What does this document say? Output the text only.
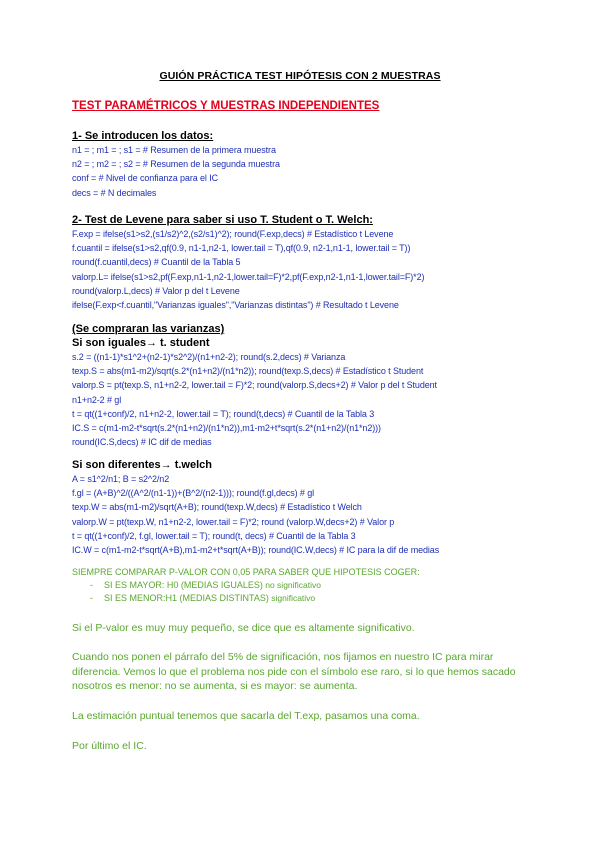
GUIÓN PRÁCTICA TEST HIPÓTESIS CON 2 MUESTRAS
TEST PARAMÉTRICOS Y MUESTRAS INDEPENDIENTES
1- Se introducen los datos:
n1 = ; m1 = ; s1 = # Resumen de la primera muestra
n2 = ; m2 = ; s2 = # Resumen de la segunda muestra
conf = # Nivel de confianza para el IC
decs = # N decimales
2- Test de Levene para saber si uso T. Student o T. Welch:
F.exp = ifelse(s1>s2,(s1/s2)^2,(s2/s1)^2); round(F.exp,decs) # Estadístico t Levene
f.cuantil = ifelse(s1>s2,qf(0.9, n1-1,n2-1, lower.tail = T),qf(0.9, n2-1,n1-1, lower.tail = T))
round(f.cuantil,decs) # Cuantil de la Tabla 5
valorp.L= ifelse(s1>s2,pf(F.exp,n1-1,n2-1,lower.tail=F)*2,pf(F.exp,n2-1,n1-1,lower.tail=F)*2)
round(valorp.L,decs) # Valor p del t Levene
ifelse(F.exp<f.cuantil,"Varianzas iguales","Varianzas distintas") # Resultado t Levene
(Se compraran las varianzas)
Si son iguales→ t. student
s.2 = ((n1-1)*s1^2+(n2-1)*s2^2)/(n1+n2-2); round(s.2,decs) # Varianza
texp.S = abs(m1-m2)/sqrt(s.2*(n1+n2)/(n1*n2)); round(texp.S,decs) # Estadístico t Student
valorp.S = pt(texp.S, n1+n2-2, lower.tail = F)*2; round(valorp.S,decs+2) # Valor p del t Student
n1+n2-2 # gl
t = qt((1+conf)/2, n1+n2-2, lower.tail = T); round(t,decs) # Cuantil de la Tabla 3
IC.S = c(m1-m2-t*sqrt(s.2*(n1+n2)/(n1*n2)),m1-m2+t*sqrt(s.2*(n1+n2)/(n1*n2)))
round(IC.S,decs) # IC dif de medias
Si son diferentes→ t.welch
A = s1^2/n1; B = s2^2/n2
f.gl = (A+B)^2/((A^2/(n1-1))+(B^2/(n2-1))); round(f.gl,decs) # gl
texp.W = abs(m1-m2)/sqrt(A+B); round(texp.W,decs) # Estadístico t Welch
valorp.W = pt(texp.W, n1+n2-2, lower.tail = F)*2; round (valorp.W,decs+2) # Valor p
t = qt((1+conf)/2, f.gl, lower.tail = T); round(t, decs) # Cuantil de la Tabla 3
IC.W = c(m1-m2-t*sqrt(A+B),m1-m2+t*sqrt(A+B)); round(IC.W,decs) # IC para la dif de medias
SIEMPRE COMPARAR P-VALOR CON 0,05 PARA SABER QUE HIPOTESIS COGER:
-	SI ES MAYOR: H0 (MEDIAS IGUALES) no significativo
-	SI ES MENOR:H1 (MEDIAS DISTINTAS) significativo
Si el P-valor es muy muy pequeño, se dice que es altamente significativo.
Cuando nos ponen el párrafo del 5% de significación, nos fijamos en nuestro IC para mirar diferencia. Vemos lo que el problema nos pide con el símbolo ese raro, si lo que hemos sacado nosotros es menor: no se aumenta, si es mayor: se aumenta.
La estimación puntual tenemos que sacarla del T.exp, pasamos una coma.
Por último el IC.
